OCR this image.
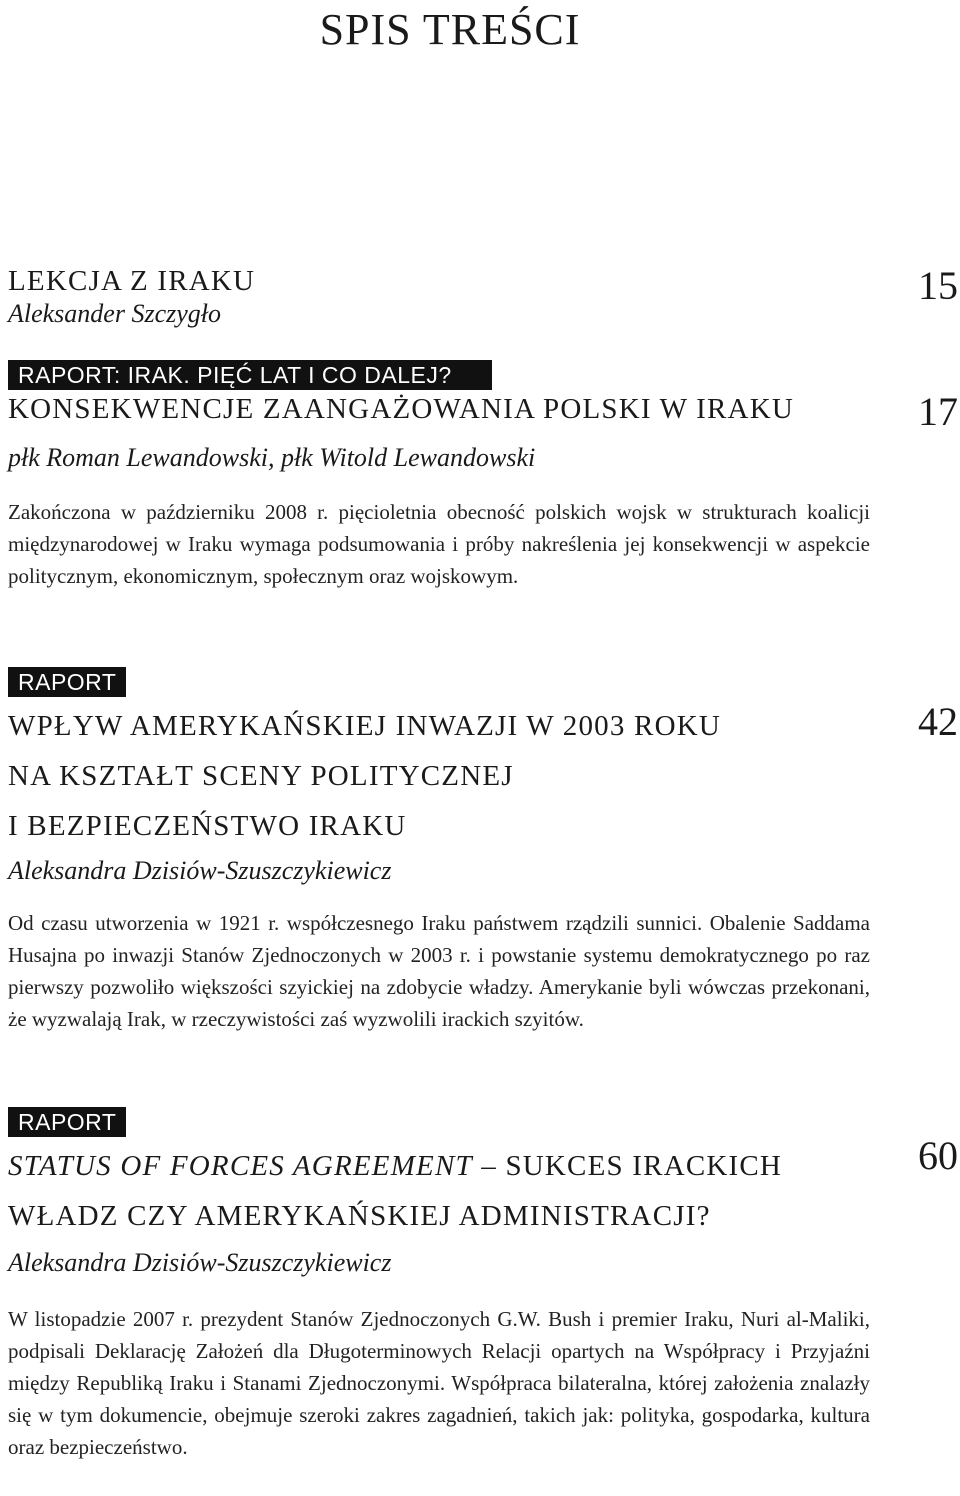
SPIS TREŚCI
LEKCJA Z IRAKU
Aleksander Szczygło
15
RAPORT: IRAK. PIĘĆ LAT I CO DALEJ?
KONSEKWENCJE ZAANGAŻOWANIA POLSKI W IRAKU
płk Roman Lewandowski, płk Witold Lewandowski
Zakończona w październiku 2008 r. pięcioletnia obecność polskich wojsk w strukturach koalicji międzynarodowej w Iraku wymaga podsumowania i próby nakreślenia jej konsekwencji w aspekcie politycznym, ekonomicznym, społecznym oraz wojskowym.
17
RAPORT
WPŁYW AMERYKAŃSKIEJ INWAZJI W 2003 ROKU
NA KSZTAŁT SCENY POLITYCZNEJ
I BEZPIECZEŃSTWO IRAKU
Aleksandra Dzisiów-Szuszczykiewicz
Od czasu utworzenia w 1921 r. współczesnego Iraku państwem rządzili sunnici. Obalenie Saddama Husajna po inwazji Stanów Zjednoczonych w 2003 r. i powstanie systemu demokratycznego po raz pierwszy pozwoliło większości szyickiej na zdobycie władzy. Amerykanie byli wówczas przekonani, że wyzwalają Irak, w rzeczywistości zaś wyzwolili irackich szyitów.
42
RAPORT
STATUS OF FORCES AGREEMENT – SUKCES IRACKICH
WŁADZ CZY AMERYKAŃSKIEJ ADMINISTRACJI?
Aleksandra Dzisiów-Szuszczykiewicz
W listopadzie 2007 r. prezydent Stanów Zjednoczonych G.W. Bush i premier Iraku, Nuri al-Maliki, podpisali Deklarację Założeń dla Długoterminowych Relacji opartych na Współpracy i Przyjaźni między Republiką Iraku i Stanami Zjednoczonymi. Współpraca bilateralna, której założenia znalazły się w tym dokumencie, obejmuje szeroki zakres zagadnień, takich jak: polityka, gospodarka, kultura oraz bezpieczeństwo.
60
